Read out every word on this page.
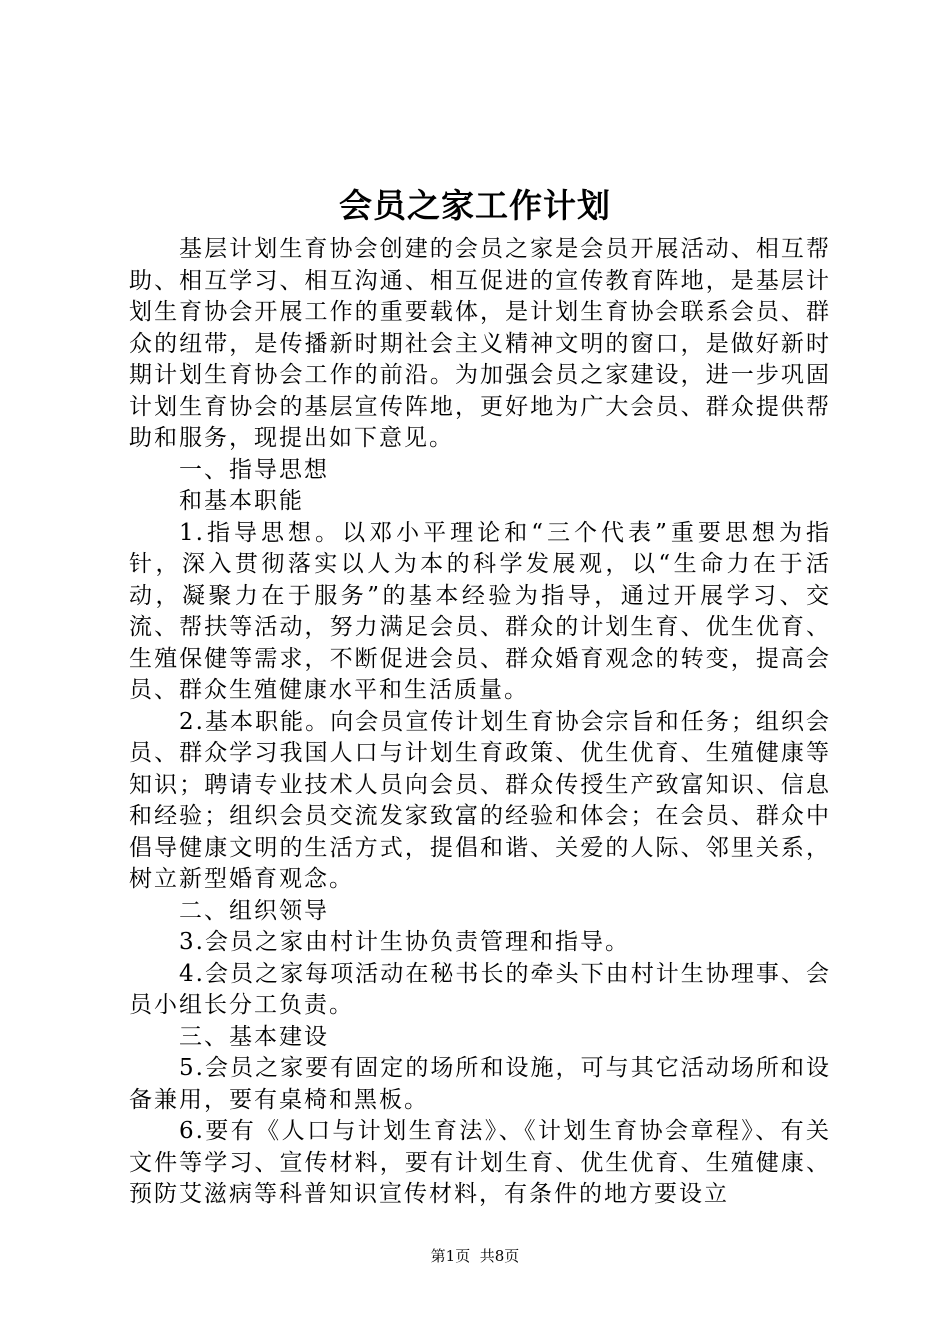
会员之家工作计划

基层计划生育协会创建的会员之家是会员开展活动、相互帮助、相互学习、相互沟通、相互促进的宣传教育阵地，是基层计划生育协会开展工作的重要载体，是计划生育协会联系会员、群众的纽带，是传播新时期社会主义精神文明的窗口，是做好新时期计划生育协会工作的前沿。为加强会员之家建设，进一步巩固计划生育协会的基层宣传阵地，更好地为广大会员、群众提供帮助和服务，现提出如下意见。

一、指导思想

和基本职能

1.指导思想。以邓小平理论和“三个代表”重要思想为指针，深入贯彻落实以人为本的科学发展观，以“生命力在于活动，凝聚力在于服务”的基本经验为指导，通过开展学习、交流、帮扶等活动，努力满足会员、群众的计划生育、优生优育、生殖保健等需求，不断促进会员、群众婚育观念的转变，提高会员、群众生殖健康水平和生活质量。

2.基本职能。向会员宣传计划生育协会宗旨和任务；组织会员、群众学习我国人口与计划生育政策、优生优育、生殖健康等知识；聘请专业技术人员向会员、群众传授生产致富知识、信息和经验；组织会员交流发家致富的经验和体会；在会员、群众中倡导健康文明的生活方式，提倡和谐、关爱的人际、邻里关系，树立新型婚育观念。

二、组织领导

3.会员之家由村计生协负责管理和指导。

4.会员之家每项活动在秘书长的牵头下由村计生协理事、会员小组长分工负责。

三、基本建设

5.会员之家要有固定的场所和设施，可与其它活动场所和设备兼用，要有桌椅和黑板。

6.要有《人口与计划生育法》、《计划生育协会章程》、有关文件等学习、宣传材料，要有计划生育、优生优育、生殖健康、预防艾滋病等科普知识宣传材料，有条件的地方要设立

第1页 共8页
